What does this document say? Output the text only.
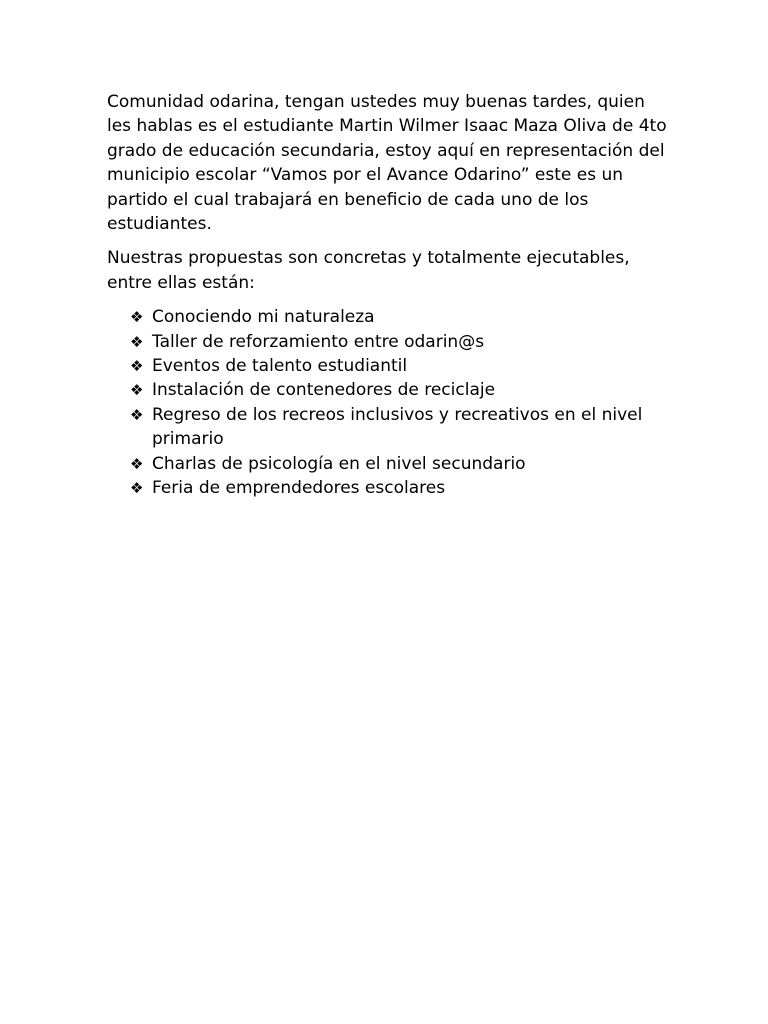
Comunidad odarina, tengan ustedes muy buenas tardes, quien les hablas es el estudiante Martin Wilmer Isaac Maza Oliva de 4to grado de educación secundaria, estoy aquí en representación del municipio escolar “Vamos por el Avance Odarino” este es un partido el cual trabajará en beneficio de cada uno de los estudiantes.

Nuestras propuestas son concretas y totalmente ejecutables, entre ellas están:

❖ Conociendo mi naturaleza
❖ Taller de reforzamiento entre odarin@s
❖ Eventos de talento estudiantil
❖ Instalación de contenedores de reciclaje
❖ Regreso de los recreos inclusivos y recreativos en el nivel primario
❖ Charlas de psicología en el nivel secundario
❖ Feria de emprendedores escolares
